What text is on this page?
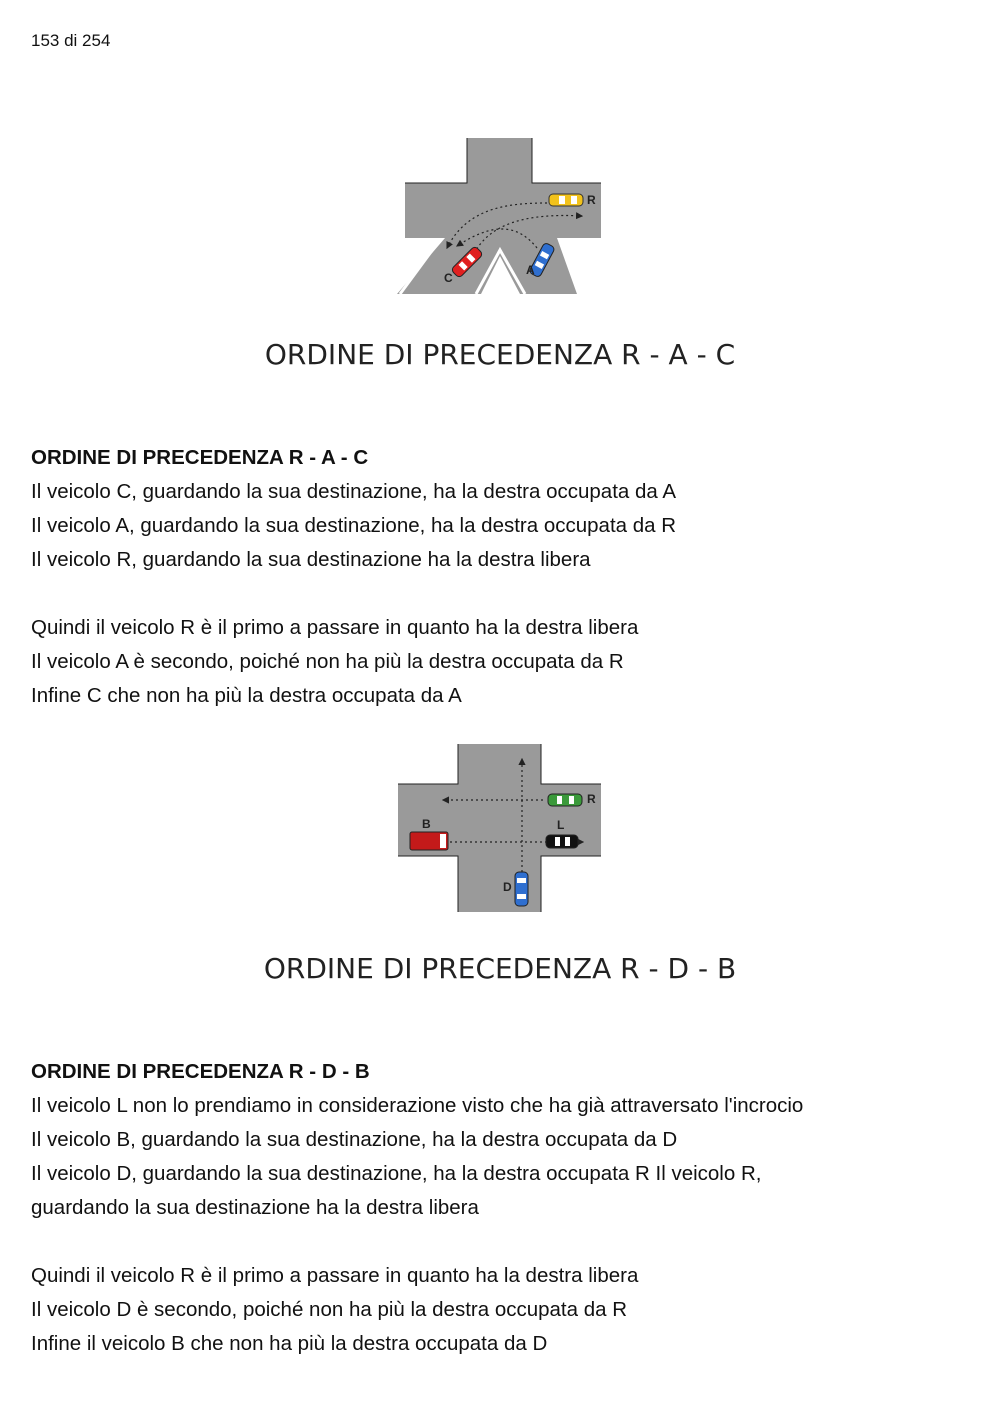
153 di 254
R
A
C
ORDINE DI PRECEDENZA R - A - C
ORDINE DI PRECEDENZA R - A - C

Il veicolo C, guardando la sua destinazione, ha la destra occupata da A

Il veicolo A, guardando la sua destinazione, ha la destra occupata da R

Il veicolo R, guardando la sua destinazione ha la destra libera

Quindi il veicolo R è il primo a passare in quanto ha la destra libera

Il veicolo A è secondo, poiché non ha più la destra occupata da R

Infine C che non ha più la destra occupata da A

R
L
B
D
ORDINE DI PRECEDENZA R - D - B
ORDINE DI PRECEDENZA R - D - B

Il veicolo L non lo prendiamo in considerazione visto che ha già attraversato l'incrocio

Il veicolo B, guardando la sua destinazione, ha la destra occupata da D

Il veicolo D, guardando la sua destinazione, ha la destra occupata R Il veicolo R,

guardando la sua destinazione ha la destra libera

Quindi il veicolo R è il primo a passare in quanto ha la destra libera

Il veicolo D è secondo, poiché non ha più la destra occupata da R

Infine il veicolo B che non ha più la destra occupata da D
